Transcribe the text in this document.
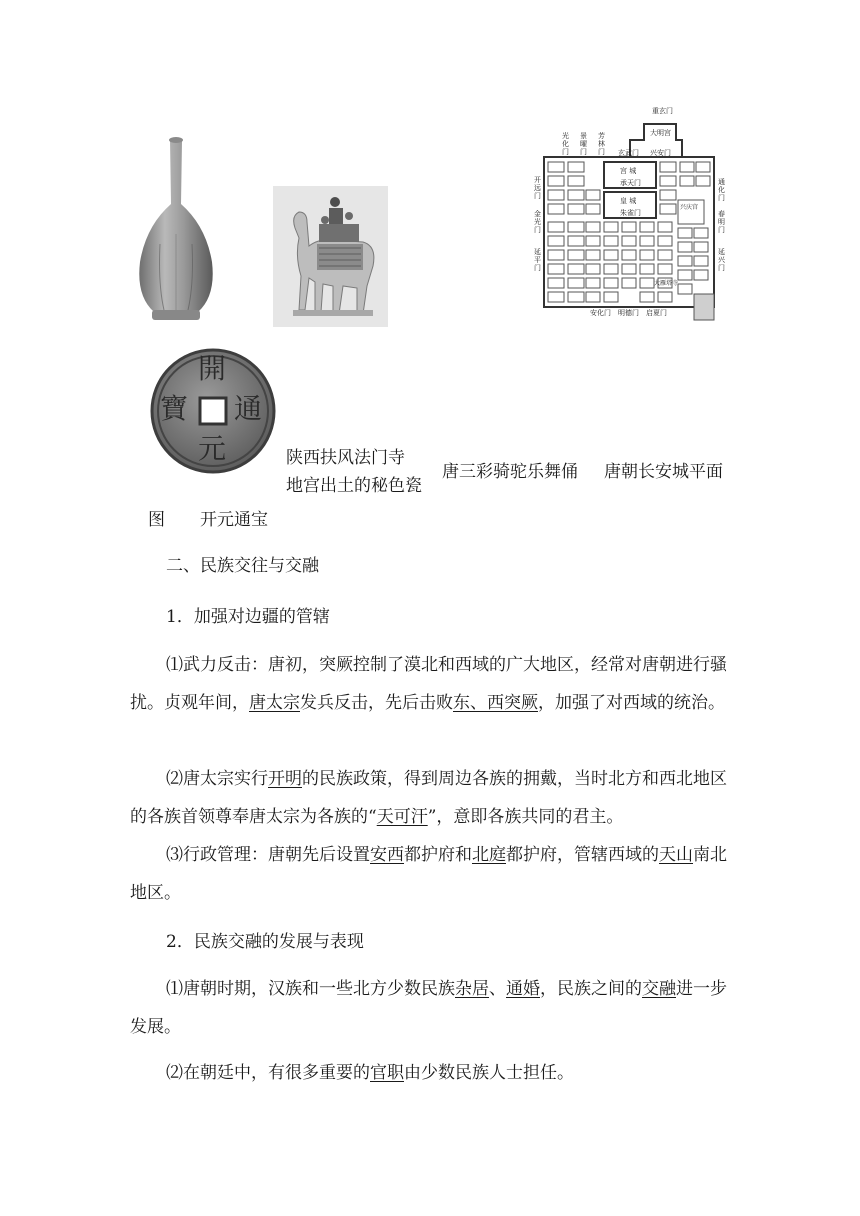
重玄门
大明宫
光化门
景曜门
芳林门 玄武门 兴安门
开远门
金光门
延平门
通化门
春明门
延兴门
兴庆宫
宫 城
承天门
皇 城
朱雀门
大雁塔寺
安化门 明德门 启夏门
開
通
元
寶
陕西扶风法门寺
地宫出土的秘色瓷
唐三彩骑驼乐舞俑 唐朝长安城平面
图 开元通宝
二、民族交往与交融
1．加强对边疆的管辖
⑴武力反击：唐初，突厥控制了漠北和西域的广大地区，经常对唐朝进行骚扰。贞观年间，唐太宗发兵反击，先后击败东、西突厥，加强了对西域的统治。
⑵唐太宗实行开明的民族政策，得到周边各族的拥戴，当时北方和西北地区的各族首领尊奉唐太宗为各族的“天可汗”，意即各族共同的君主。
⑶行政管理：唐朝先后设置安西都护府和北庭都护府，管辖西域的天山南北地区。
2．民族交融的发展与表现
⑴唐朝时期，汉族和一些北方少数民族杂居、通婚，民族之间的交融进一步发展。
⑵在朝廷中，有很多重要的官职由少数民族人士担任。
